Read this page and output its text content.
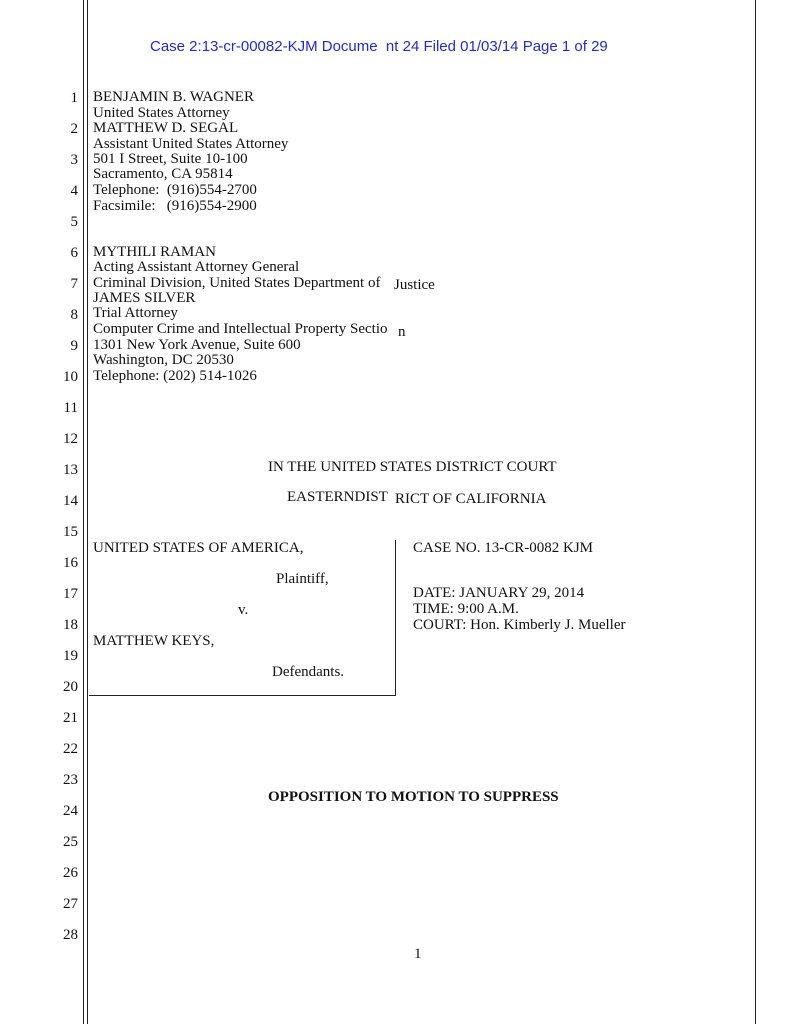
Case 2:13-cr-00082-KJM Docume  nt 24 Filed 01/03/14 Page 1 of 29
1
2
3
4
5
6
7
8
9
10
11
12
13
14
15
16
17
18
19
20
21
22
23
24
25
26
27
28
BENJAMIN B. WAGNER
United States Attorney
MATTHEW D. SEGAL
Assistant United States Attorney
501 I Street, Suite 10-100
Sacramento, CA 95814
Telephone:  (916)554-2700
Facsimile:   (916)554-2900
MYTHILI RAMAN
Acting Assistant Attorney General
Criminal Division, United States Department of Justice
JAMES SILVER
Trial Attorney
Computer Crime and Intellectual Property Sectio n
1301 New York Avenue, Suite 600
Washington, DC 20530
Telephone: (202) 514-1026
IN THE UNITED STATES DISTRICT COURT
EASTERNDIST RICT OF CALIFORNIA
UNITED STATES OF AMERICA,
Plaintiff,
v.
MATTHEW KEYS,
Defendants.
CASE NO. 13-CR-0082 KJM
DATE: JANUARY 29, 2014
TIME: 9:00 A.M.
COURT: Hon. Kimberly J. Mueller
OPPOSITION TO MOTION TO SUPPRESS
1
